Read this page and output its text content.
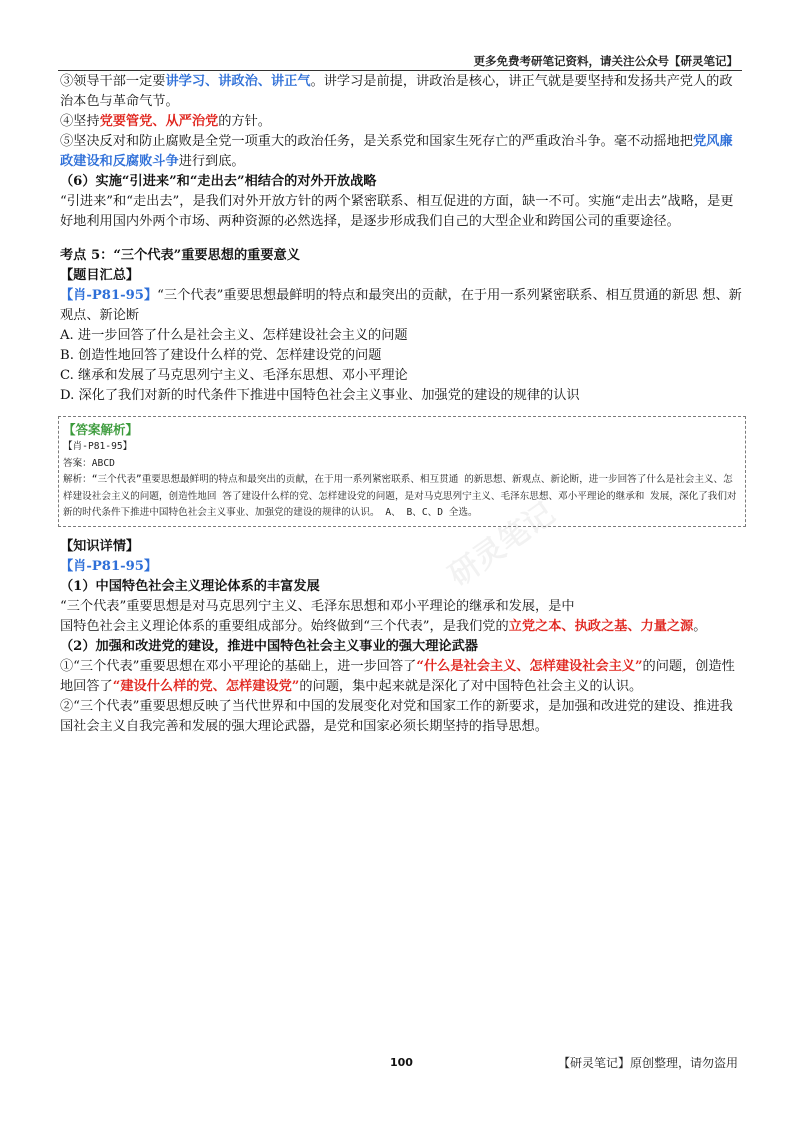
更多免费考研笔记资料，请关注公众号【研灵笔记】
研灵笔记

③领导干部一定要讲学习、讲政治、讲正气。讲学习是前提，讲政治是核心，讲正气就是要坚持和发扬共产党人的政治本色与革命气节。

④坚持党要管党、从严治党的方针。

⑤坚决反对和防止腐败是全党一项重大的政治任务，是关系党和国家生死存亡的严重政治斗争。毫不动摇地把党风廉政建设和反腐败斗争进行到底。

（6）实施“引进来”和“走出去”相结合的对外开放战略

“引进来”和“走出去”，是我们对外开放方针的两个紧密联系、相互促进的方面，缺一不可。实施“走出去”战略，是更好地利用国内外两个市场、两种资源的必然选择，是逐步形成我们自己的大型企业和跨国公司的重要途径。

考点 5：“三个代表”重要思想的重要意义

【题目汇总】

【肖-P81-95】“三个代表”重要思想最鲜明的特点和最突出的贡献，在于用一系列紧密联系、相互贯通的新思 想、新观点、新论断

A. 进一步回答了什么是社会主义、怎样建设社会主义的问题

B. 创造性地回答了建设什么样的党、怎样建设党的问题

C. 继承和发展了马克思列宁主义、毛泽东思想、邓小平理论

D. 深化了我们对新的时代条件下推进中国特色社会主义事业、加强党的建设的规律的认识

【答案解析】
【肖-P81-95】
答案：ABCD
解析：“三个代表”重要思想最鲜明的特点和最突出的贡献，在于用一系列紧密联系、相互贯通 的新思想、新观点、新论断，进一步回答了什么是社会主义、怎样建设社会主义的问题，创造性地回 答了建设什么样的党、怎样建设党的问题，是对马克思列宁主义、毛泽东思想、邓小平理论的继承和 发展，深化了我们对新的时代条件下推进中国特色社会主义事业、加强党的建设的规律的认识。 A、 B、C、D 全选。

【知识详情】

【肖-P81-95】

（1）中国特色社会主义理论体系的丰富发展

“三个代表”重要思想是对马克思列宁主义、毛泽东思想和邓小平理论的继承和发展，是中

国特色社会主义理论体系的重要组成部分。始终做到“三个代表”，是我们党的立党之本、执政之基、力量之源。

（2）加强和改进党的建设，推进中国特色社会主义事业的强大理论武器

①“三个代表”重要思想在邓小平理论的基础上，进一步回答了“什么是社会主义、怎样建设社会主义”的问题，创造性地回答了“建设什么样的党、怎样建设党”的问题，集中起来就是深化了对中国特色社会主义的认识。

②“三个代表”重要思想反映了当代世界和中国的发展变化对党和国家工作的新要求，是加强和改进党的建设、推进我国社会主义自我完善和发展的强大理论武器，是党和国家必须长期坚持的指导思想。

100	【研灵笔记】原创整理，请勿盗用
